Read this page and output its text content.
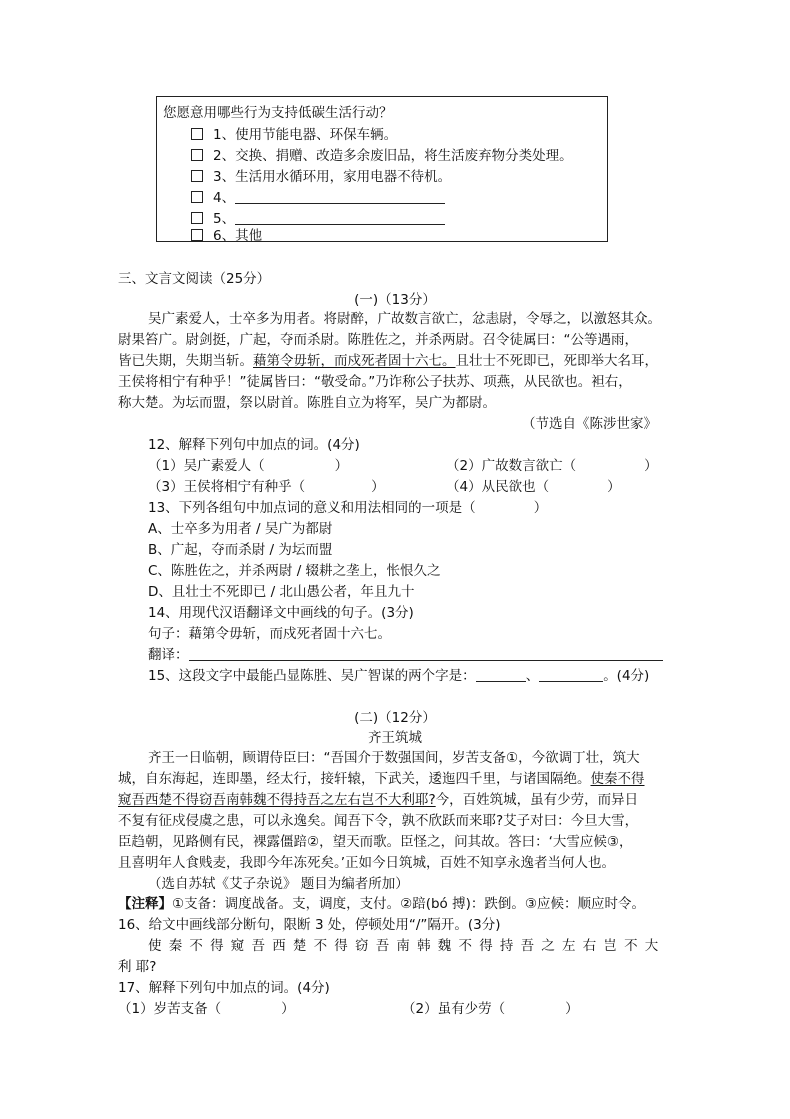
您愿意用哪些行为支持低碳生活行动？
1、使用节能电器、环保车辆。
2、交换、捐赠、改造多余废旧品，将生活废弃物分类处理。
3、生活用水循环用，家用电器不待机。
4、
5、
6、其他
三、文言文阅读（25分）
(一)（13分）
吴广素爱人，士卒多为用者。将尉醉，广故数言欲亡，忿恚尉，令辱之，以激怒其众。
尉果笞广。尉剑挺，广起，夺而杀尉。陈胜佐之，并杀两尉。召令徒属曰：“公等遇雨，
皆已失期，失期当斩。藉第令毋斩，而戍死者固十六七。且壮士不死即已，死即举大名耳，
王侯将相宁有种乎！”徒属皆曰：“敬受命。”乃诈称公子扶苏、项燕，从民欲也。袒右，
称大楚。为坛而盟，祭以尉首。陈胜自立为将军，吴广为都尉。
（节选自《陈涉世家》
12、解释下列句中加点的词。(4分)
（1）吴广素爱人（	）	（2）广故数言欲亡（	）
（3）王侯将相宁有种乎（	）	（4）从民欲也（	）
13、下列各组句中加点词的意义和用法相同的一项是（	）
A、士卒多为用者 / 吴广为都尉
B、广起，夺而杀尉 / 为坛而盟
C、陈胜佐之，并杀两尉 / 辍耕之垄上，怅恨久之
D、且壮士不死即已 / 北山愚公者，年且九十
14、用现代汉语翻译文中画线的句子。(3分)
句子：藉第令毋斩，而戍死者固十六七。
翻译：
15、这段文字中最能凸显陈胜、吴广智谋的两个字是：	、	。(4分)
(二)（12分）
齐王筑城
齐王一日临朝，顾谓侍臣曰：“吾国介于数强国间，岁苦支备①，今欲调丁壮，筑大
城，自东海起，连即墨，经太行，接轩辕，下武关，逶迤四千里，与诸国隔绝。使秦不得
窥吾西楚不得窃吾南韩魏不得持吾之左右岂不大利耶?今，百姓筑城，虽有少劳，而异日
不复有征戍侵虞之患，可以永逸矣。闻吾下令，孰不欣跃而来耶?艾子对曰：今旦大雪，
臣趋朝，见路侧有民，裸露僵踣②，望天而歌。臣怪之，问其故。答曰：‘大雪应候③，
且喜明年人食贱麦，我即今年冻死矣。’正如今日筑城，百姓不知享永逸者当何人也。
（选自苏轼《艾子杂说》 题目为编者所加）
【注释】①支备：调度战备。支，调度，支付。②踣(bó 搏)：跌倒。③应候：顺应时令。
16、给文中画线部分断句，限断 3 处，停顿处用“/”隔开。(3分)
使秦不得窥吾西楚不得窃吾南韩魏不得持吾之左右岂不大
利 耶?
17、解释下列句中加点的词。(4分)
（1）岁苦支备（	）	（2）虽有少劳（	）
